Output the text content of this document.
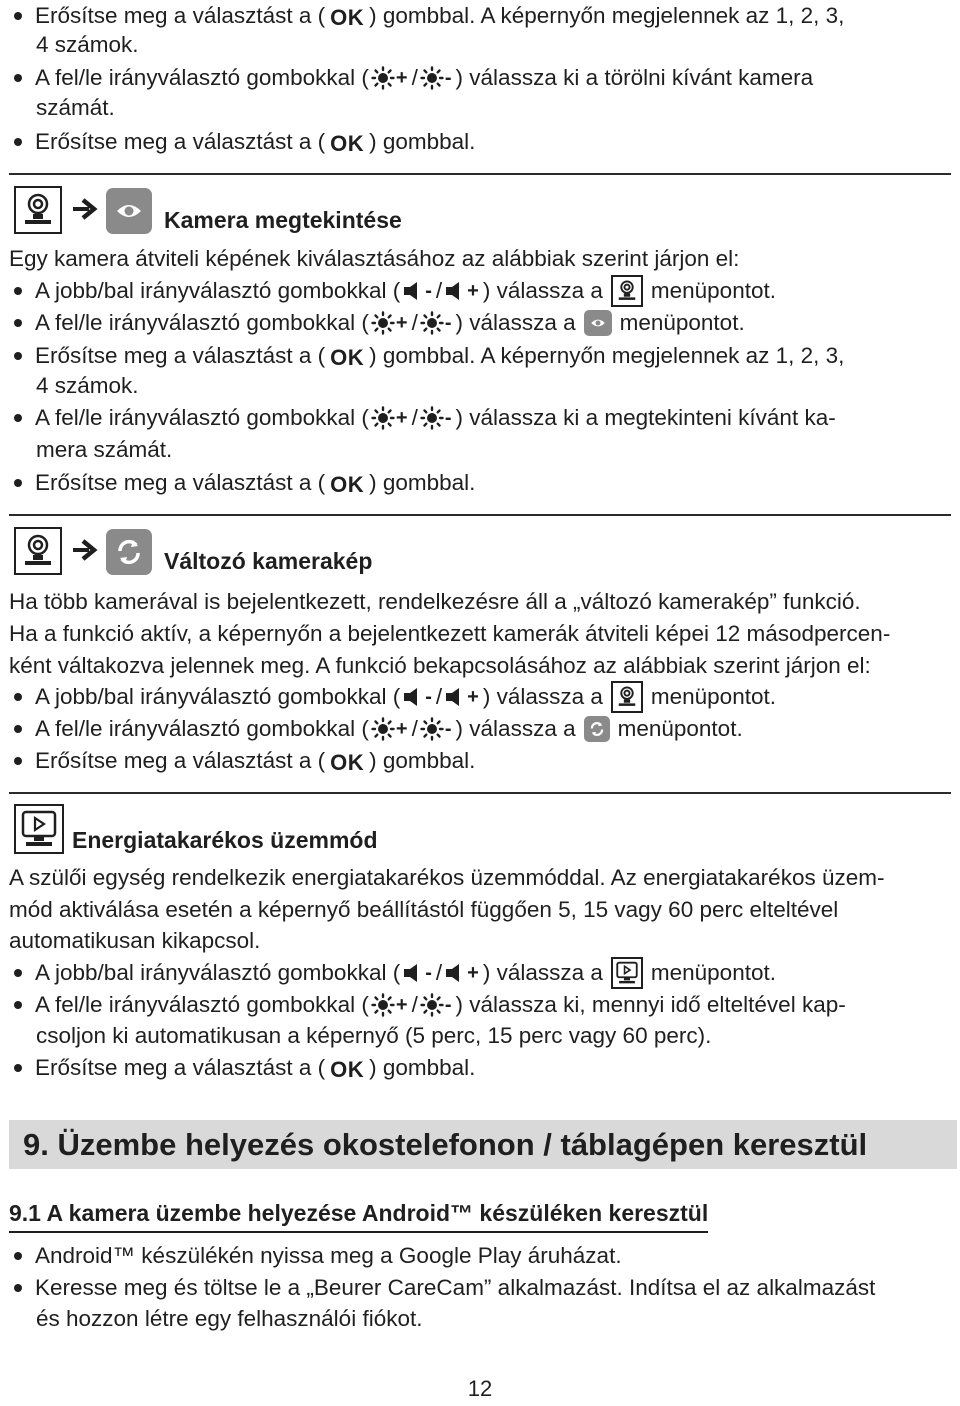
Erősítse meg a választást a ( OK ) gombbal. A képernyőn megjelennek az 1, 2, 3,
4 számok.
A fel/le irányválasztó gombokkal ( + / - ) válassza ki a törölni kívánt kamera
számát.
Erősítse meg a választást a ( OK ) gombbal.
Kamera megtekintése
Egy kamera átviteli képének kiválasztásához az alábbiak szerint járjon el:
A jobb/bal irányválasztó gombokkal ( - / + ) válassza a menüpontot.
A fel/le irányválasztó gombokkal ( + / - ) válassza a menüpontot.
Erősítse meg a választást a ( OK ) gombbal. A képernyőn megjelennek az 1, 2, 3,
4 számok.
A fel/le irányválasztó gombokkal ( + / - ) válassza ki a megtekinteni kívánt ka-
mera számát.
Erősítse meg a választást a ( OK ) gombbal.
Változó kamerakép
Ha több kamerával is bejelentkezett, rendelkezésre áll a „változó kamerakép” funkció.
Ha a funkció aktív, a képernyőn a bejelentkezett kamerák átviteli képei 12 másodpercen-
ként váltakozva jelennek meg. A funkció bekapcsolásához az alábbiak szerint járjon el:
A jobb/bal irányválasztó gombokkal ( - / + ) válassza a menüpontot.
A fel/le irányválasztó gombokkal ( + / - ) válassza a menüpontot.
Erősítse meg a választást a ( OK ) gombbal.
Energiatakarékos üzemmód
A szülői egység rendelkezik energiatakarékos üzemmóddal. Az energiatakarékos üzem-
mód aktiválása esetén a képernyő beállítástól függően 5, 15 vagy 60 perc elteltével
automatikusan kikapcsol.
A jobb/bal irányválasztó gombokkal ( - / + ) válassza a menüpontot.
A fel/le irányválasztó gombokkal ( + / - ) válassza ki, mennyi idő elteltével kap-
csoljon ki automatikusan a képernyő (5 perc, 15 perc vagy 60 perc).
Erősítse meg a választást a ( OK ) gombbal.
9. Üzembe helyezés okostelefonon / táblagépen keresztül
9.1 A kamera üzembe helyezése Android™ készüléken keresztül
Android™ készülékén nyissa meg a Google Play áruházat.
Keresse meg és töltse le a „Beurer CareCam” alkalmazást. Indítsa el az alkalmazást
és hozzon létre egy felhasználói fiókot.
12
